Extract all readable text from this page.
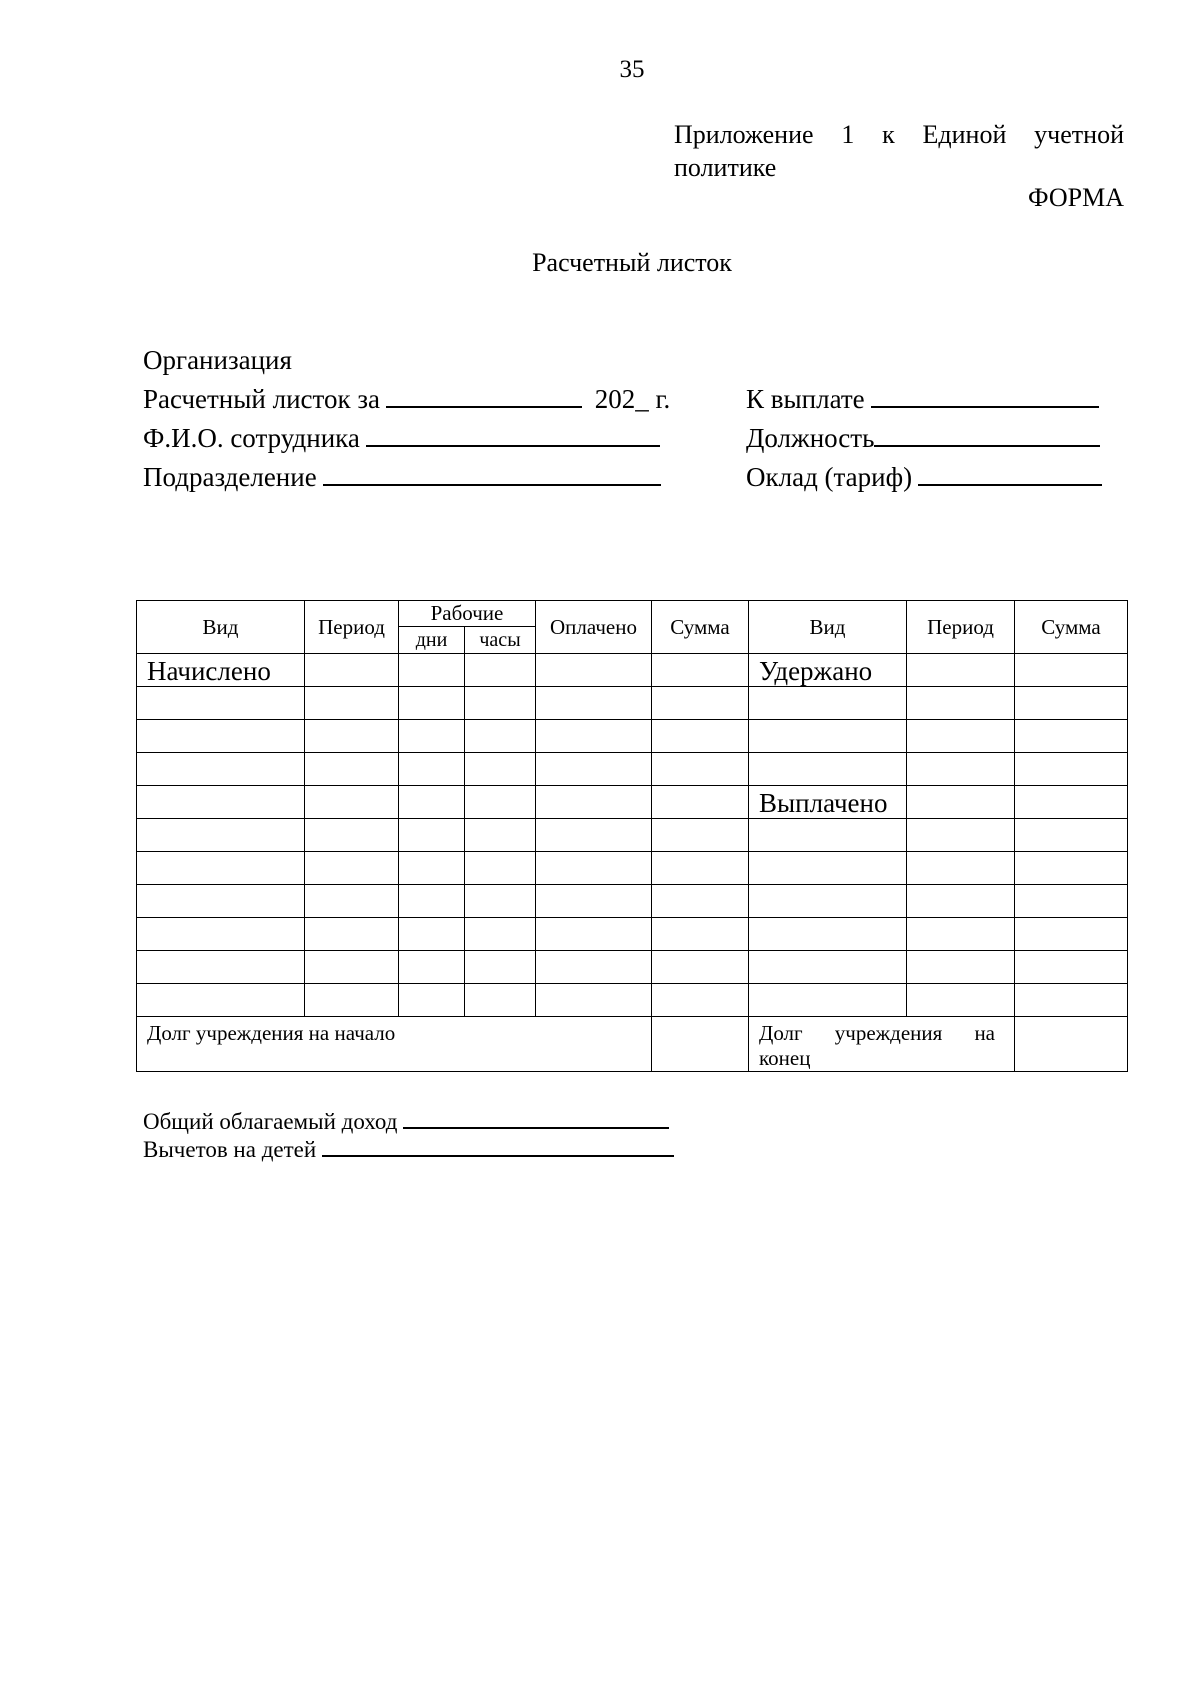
35
Приложение 1 к Единой учетной
политике
ФОРМА
Расчетный листок
Организация
Расчетный листок за	202_ г.
Ф.И.О. сотрудника
Подразделение
К выплате
Должность
Оклад (тариф)
Вид	Период	Рабочие		Оплачено	Сумма	Вид	Период	Сумма
		дни	часы					
Начислено						Удержано		

						Выплачено		

Долг учреждения на начало						Долг учреждения на
конец		

Общий облагаемый доход
Вычетов на детей
